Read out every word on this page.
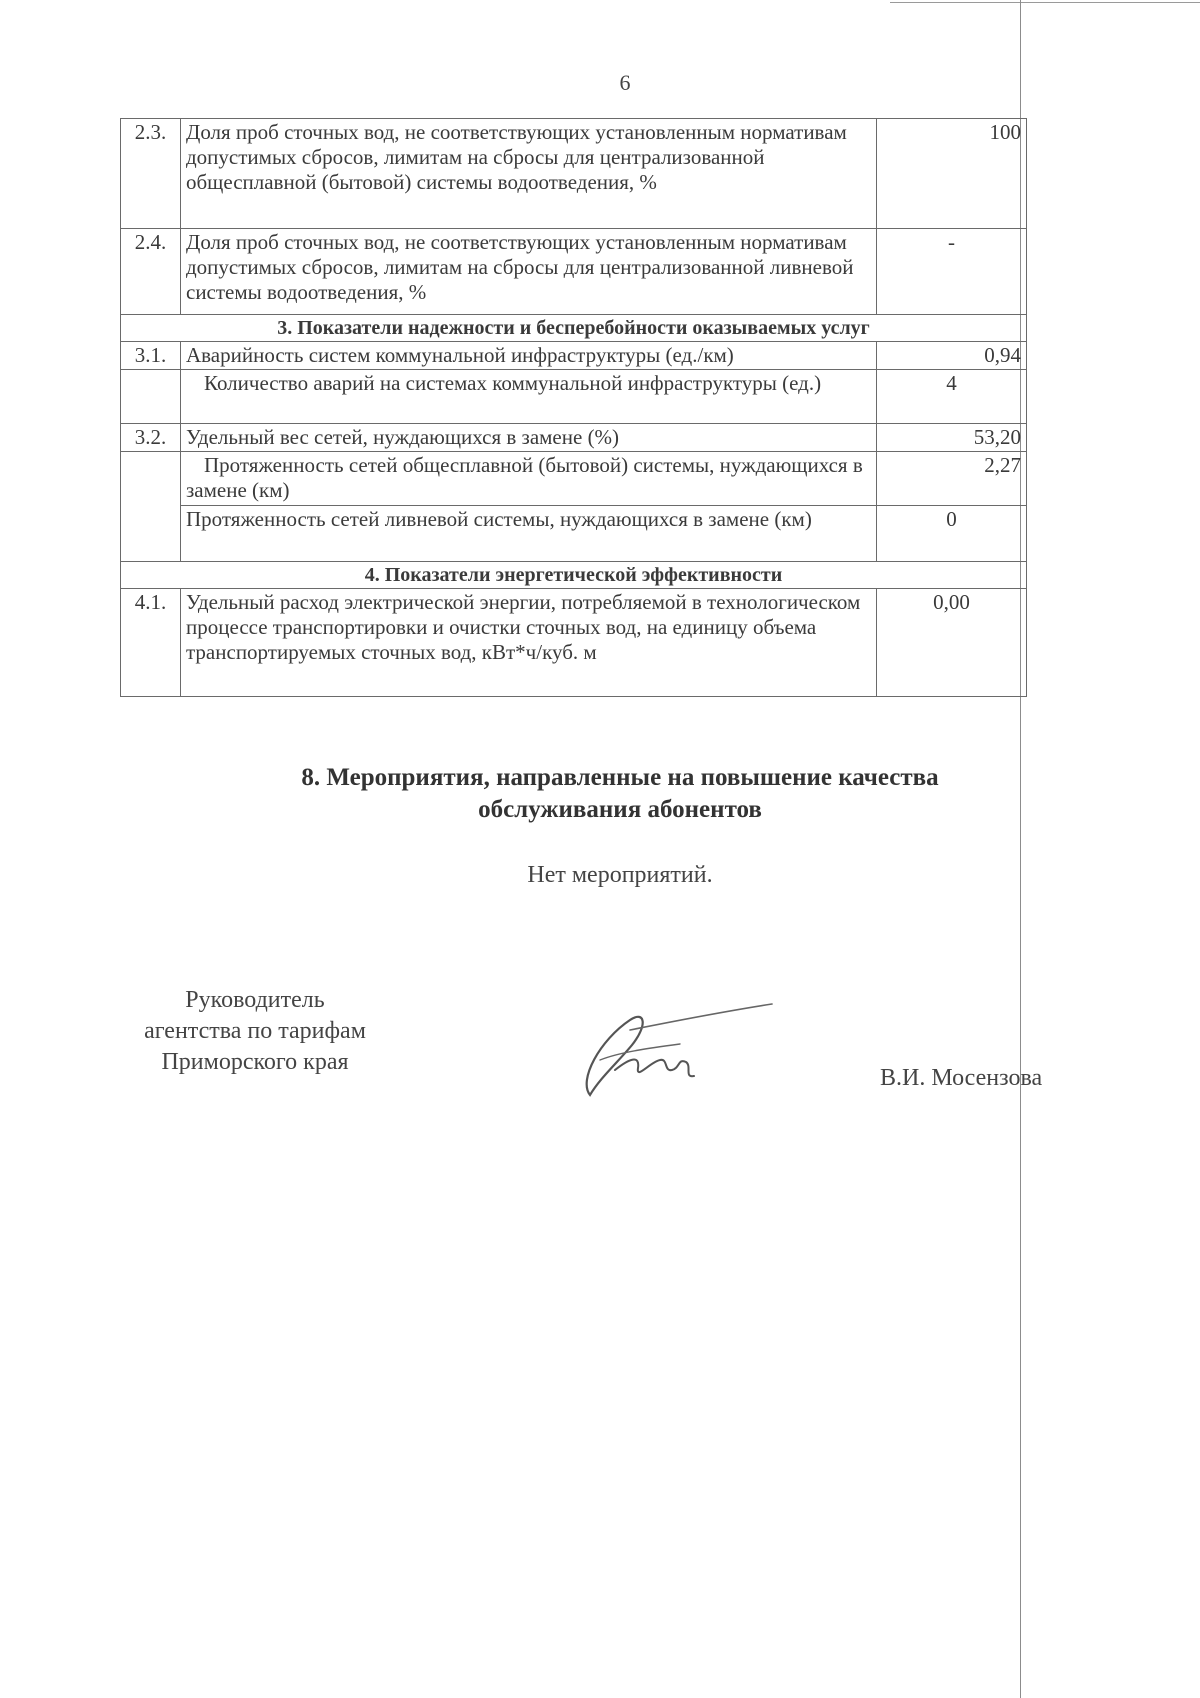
6
2.3.	Доля проб сточных вод, не соответствующих установленным нормативам допустимых сбросов, лимитам на сбросы для централизованной общесплавной (бытовой) системы водоотведения, %	100
2.4.	Доля проб сточных вод, не соответствующих установленным нормативам допустимых сбросов, лимитам на сбросы для централизованной ливневой системы водоотведения, %	-
3. Показатели надежности и бесперебойности оказываемых услуг		
3.1.	Аварийность систем коммунальной инфраструктуры (ед./км)	0,94
	Количество аварий на системах коммунальной инфраструктуры (ед.)	4
3.2.	Удельный вес сетей, нуждающихся в замене (%)	53,20
	Протяженность сетей общесплавной (бытовой) системы, нуждающихся в замене (км)	2,27
	Протяженность сетей ливневой системы, нуждающихся в замене (км)	0
4. Показатели энергетической эффективности		
4.1.	Удельный расход электрической энергии, потребляемой в технологическом процессе транспортировки и очистки сточных вод, на единицу объема транспортируемых сточных вод, кВт*ч/куб. м	0,00
8. Мероприятия, направленные на повышение качества
обслуживания абонентов
Нет мероприятий.
Руководитель
агентства по тарифам
Приморского края
В.И. Мосензова
